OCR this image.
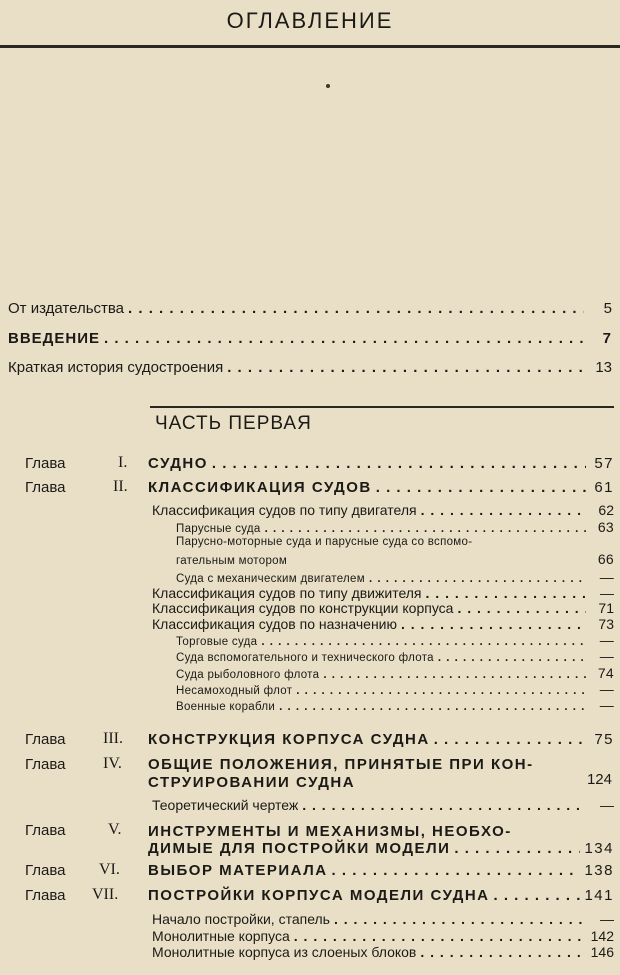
ОГЛАВЛЕНИЕ
От издательства . . .	5
ВВЕДЕНИЕ . . .	7
Краткая история судостроения . . .	13
ЧАСТЬ ПЕРВАЯ
Глава	I. СУДНО . . .	57
Глава	II. КЛАССИФИКАЦИЯ СУДОВ . . .	61
Классификация судов по типу двигателя . . .	62
Парусные суда . . .	63
Парусно-моторные суда и парусные суда со вспомо-
гательным мотором	66
Суда с механическим двигателем . . .	—
Классификация судов по типу движителя . . .	—
Классификация судов по конструкции корпуса . . .	71
Классификация судов по назначению . . .	73
Торговые суда . . .	—
Суда вспомогательного и технического флота . . .	—
Суда рыболовного флота . . .	74
Несамоходный флот . . .	—
Военные корабли . . .	—
Глава III. КОНСТРУКЦИЯ КОРПУСА СУДНА . . .	75
Глава IV. ОБЩИЕ ПОЛОЖЕНИЯ, ПРИНЯТЫЕ ПРИ КОН-
СТРУИРОВАНИИ СУДНА	124
Теоретический чертеж . . .	—
Глава	V. ИНСТРУМЕНТЫ И МЕХАНИЗМЫ, НЕОБХО-
ДИМЫЕ ДЛЯ ПОСТРОЙКИ МОДЕЛИ . . .	134
Глава VI. ВЫБОР МАТЕРИАЛА . . .	138
Глава VII. ПОСТРОЙКИ КОРПУСА МОДЕЛИ СУДНА . . .	141
Начало постройки, стапель . . .	—
Монолитные корпуса . . .	142
Монолитные корпуса из слоеных блоков . . .	146
